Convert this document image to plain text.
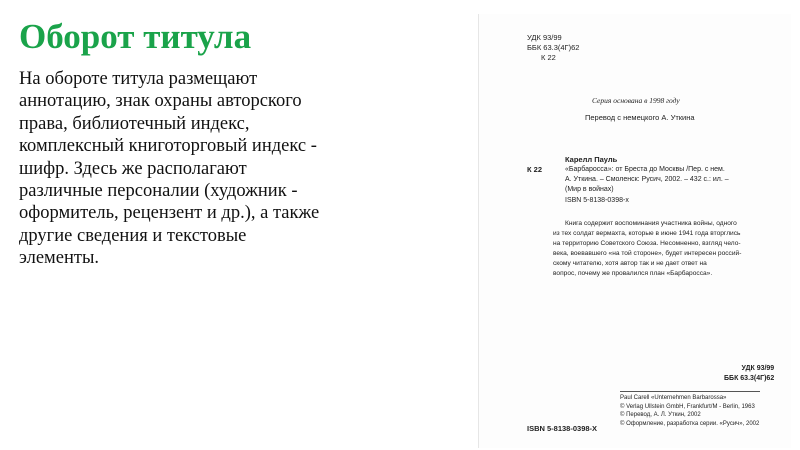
Оборот титула
На обороте титула размещают
аннотацию, знак охраны авторского
права, библиотечный индекс,
комплексный книготорговый индекс -
шифр. Здесь же располагают
различные персоналии (художник -
оформитель, рецензент и др.), а также
другие сведения и текстовые
элементы.
УДК 93/99
ББК 63.3(4Г)62
К 22
Серия основана в 1998 году
Перевод с немецкого А. Уткина
Карелл Пауль
К 22	«Барбаросса»: от Бреста до Москвы /Пер. с нем.
А. Уткина. – Смоленск: Русич, 2002. – 432 с.: ил. –
(Мир в войнах)
ISBN 5-8138-0398-х
Книга содержит воспоминания участника войны, одного
из тех солдат вермахта, которые в июне 1941 года вторглись
на территорию Советского Союза. Несомненно, взгляд чело-
века, воевавшего «на той стороне», будет интересен россий-
скому читателю, хотя автор так и не дает ответ на
вопрос, почему же провалился план «Барбаросса».
УДК 93/99
ББК 63.3(4Г)62
Paul Carell «Unternehmen Barbarossa»
© Verlag Ullstein GmbH, Frankfurt/M - Berlin, 1963
© Перевод, А. Л. Уткин, 2002
© Оформление, разработка серии. «Русич», 2002
ISBN 5-8138-0398-X
